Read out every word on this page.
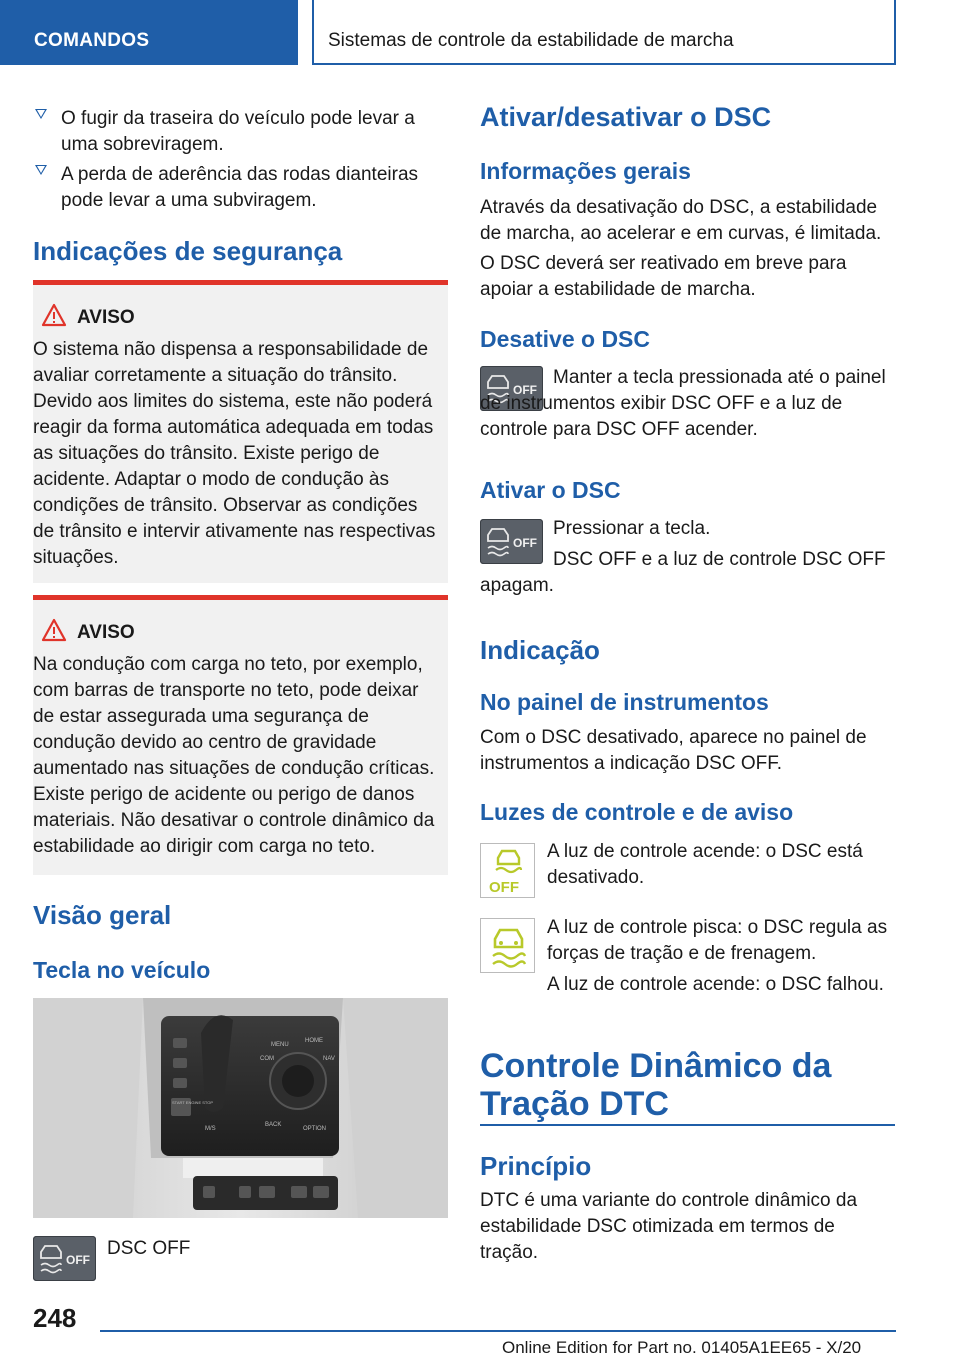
COMANDOS	Sistemas de controle da estabilidade de marcha
O fugir da traseira do veículo pode levar a uma sobreviragem.
A perda de aderência das rodas dianteiras pode levar a uma subviragem.
Indicações de segurança
AVISO
O sistema não dispensa a responsabilidade de avaliar corretamente a situação do trânsito. Devido aos limites do sistema, este não poderá reagir da forma automática adequada em todas as situações do trânsito. Existe perigo de acidente. Adaptar o modo de condução às condições de trânsito. Observar as condições de trânsito e intervir ativamente nas respectivas situações.
AVISO
Na condução com carga no teto, por exemplo, com barras de transporte no teto, pode deixar de estar assegurada uma segurança de condução devido ao centro de gravidade aumentado nas situações de condução críticas. Existe perigo de acidente ou perigo de danos materiais. Não desativar o controle dinâmico da estabilidade ao dirigir com carga no teto.
Visão geral
Tecla no veículo
MENU
HOME
COM	NAV
BACK
OPTION
START ENGINE STOP
M/S
OFF
DSC OFF
Ativar/desativar o DSC
Informações gerais
Através da desativação do DSC, a estabilidade de marcha, ao acelerar e em curvas, é limitada.
O DSC deverá ser reativado em breve para apoiar a estabilidade de marcha.
Desative o DSC
OFF
Manter a tecla pressionada até o painel de instrumentos exibir DSC OFF e a luz de controle para DSC OFF acender.
Ativar o DSC
OFF
Pressionar a tecla.
DSC OFF e a luz de controle DSC OFF apagam.
Indicação
No painel de instrumentos
Com o DSC desativado, aparece no painel de instrumentos a indicação DSC OFF.
Luzes de controle e de aviso
OFF
A luz de controle acende: o DSC está desativado.
A luz de controle pisca: o DSC regula as forças de tração e de frenagem.
A luz de controle acende: o DSC falhou.
Controle Dinâmico da Tração DTC
Princípio
DTC é uma variante do controle dinâmico da estabilidade DSC otimizada em termos de tração.
248
Online Edition for Part no. 01405A1EE65 - X/20
